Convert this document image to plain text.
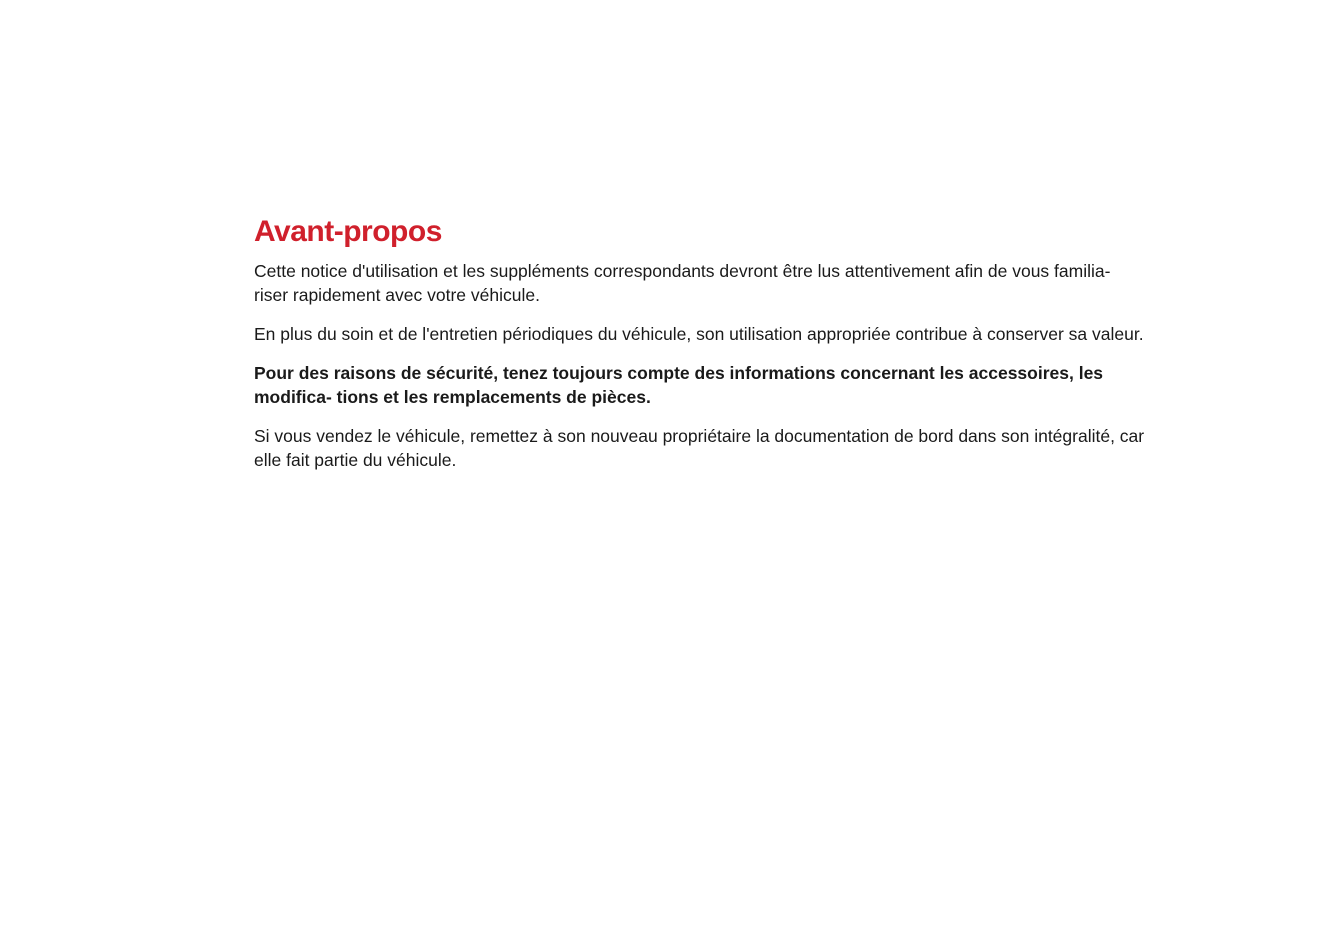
Avant-propos

Cette notice d'utilisation et les suppléments correspondants devront être lus attentivement afin de vous familia- riser rapidement avec votre véhicule.

En plus du soin et de l'entretien périodiques du véhicule, son utilisation appropriée contribue à conserver sa valeur.

Pour des raisons de sécurité, tenez toujours compte des informations concernant les accessoires, les modifica- tions et les remplacements de pièces.

Si vous vendez le véhicule, remettez à son nouveau propriétaire la documentation de bord dans son intégralité, car elle fait partie du véhicule.
